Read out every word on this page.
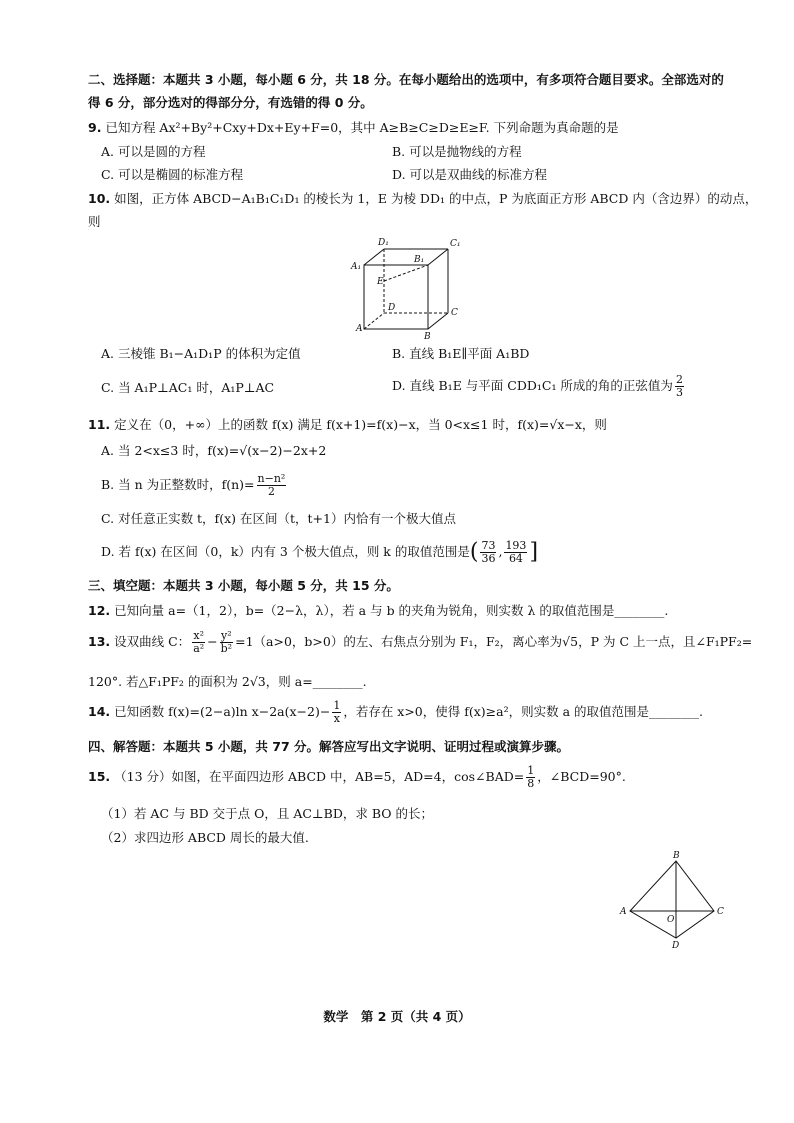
二、选择题：本题共 3 小题，每小题 6 分，共 18 分。在每小题给出的选项中，有多项符合题目要求。全部选对的
得 6 分，部分选对的得部分分，有选错的得 0 分。
9. 已知方程 Ax²+By²+Cxy+Dx+Ey+F=0，其中 A≥B≥C≥D≥E≥F. 下列命题为真命题的是
A. 可以是圆的方程	B. 可以是抛物线的方程
C. 可以是椭圆的标准方程	D. 可以是双曲线的标准方程
10. 如图，正方体 ABCD−A₁B₁C₁D₁ 的棱长为 1，E 为棱 DD₁ 的中点，P 为底面正方形 ABCD 内（含边界）的动点，
则
D₁	C₁
A₁
B₁
E
D	C
A
B
A. 三棱锥 B₁−A₁D₁P 的体积为定值	B. 直线 B₁E∥平面 A₁BD
C. 当 A₁P⊥AC₁ 时，A₁P⊥AC	D. 直线 B₁E 与平面 CDD₁C₁ 所成的角的正弦值为 $\frac{2}{3}$
11. 定义在（0，+∞）上的函数 f(x) 满足 f(x+1)=f(x)−x，当 0<x≤1 时，f(x)=√x−x，则
A. 当 2<x≤3 时，f(x)=√(x−2)−2x+2
B. 当 n 为正整数时，$f(n)= \frac{\text{n−n²}}{2}$
C. 对任意正实数 t，f(x) 在区间（t，t+1）内恰有一个极大值点
D. 若 f(x) 在区间（0，k）内有 3 个极大值点，则 k 的取值范围是( $\frac{73}{36}$ , $\frac{193}{64}$ ]
三、填空题：本题共 3 小题，每小题 5 分，共 15 分。
12. 已知向量 a=（1，2），b=（2−λ，λ），若 a 与 b 的夹角为锐角，则实数 λ 的取值范围是________.
13. 设双曲线 C： $\frac{\text{x²}}{\text{a²}} - \frac{\text{y²}}{\text{b²}} =1(a>0$，b>0）的左、右焦点分别为 F₁，F₂，离心率为√5，P 为 C 上一点，且∠F₁PF₂=
120°. 若△F₁PF₂ 的面积为 2√3，则 a=________.
14. 已知函数 f(x)=(2−a)ln $x-2a(x-2)- \frac{1}{x}$ ，若存在 x>0，使得 f(x)≥a²，则实数 a 的取值范围是________.
四、解答题：本题共 5 小题，共 77 分。解答应写出文字说明、证明过程或演算步骤。
15. （13 分）如图，在平面四边形 ABCD 中，AB=5，AD=4，cos∠BAD= $\frac{1}{8}$ ，∠BCD=90°.
（1）若 AC 与 BD 交于点 O，且 AC⊥BD，求 BO 的长；
（2）求四边形 ABCD 周长的最大值.
B
A	C
O
D
数学　第 2 页（共 4 页）
